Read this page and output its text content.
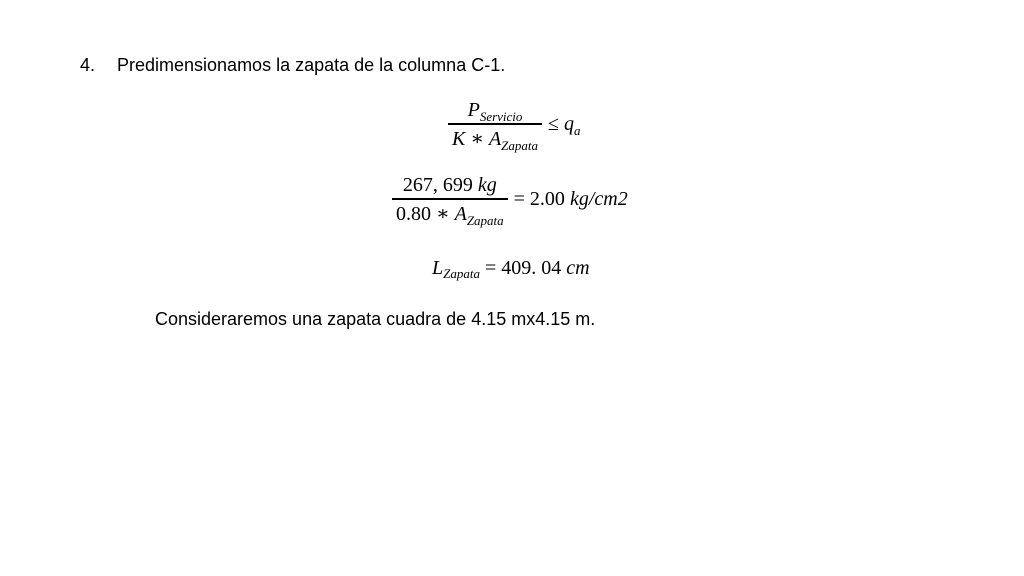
4. Predimensionamos la zapata de la columna C-1.
$\frac{P_{Servicio}}{K ∗ A_{Zapata}} \le q_a$
$\frac{267, 699 kg}{0.80 ∗ A_{Zapata}} = 2.00$ kg/cm2
L Zapata = 409. 04 cm
Consideraremos una zapata cuadra de 4.15 mx4.15 m.
